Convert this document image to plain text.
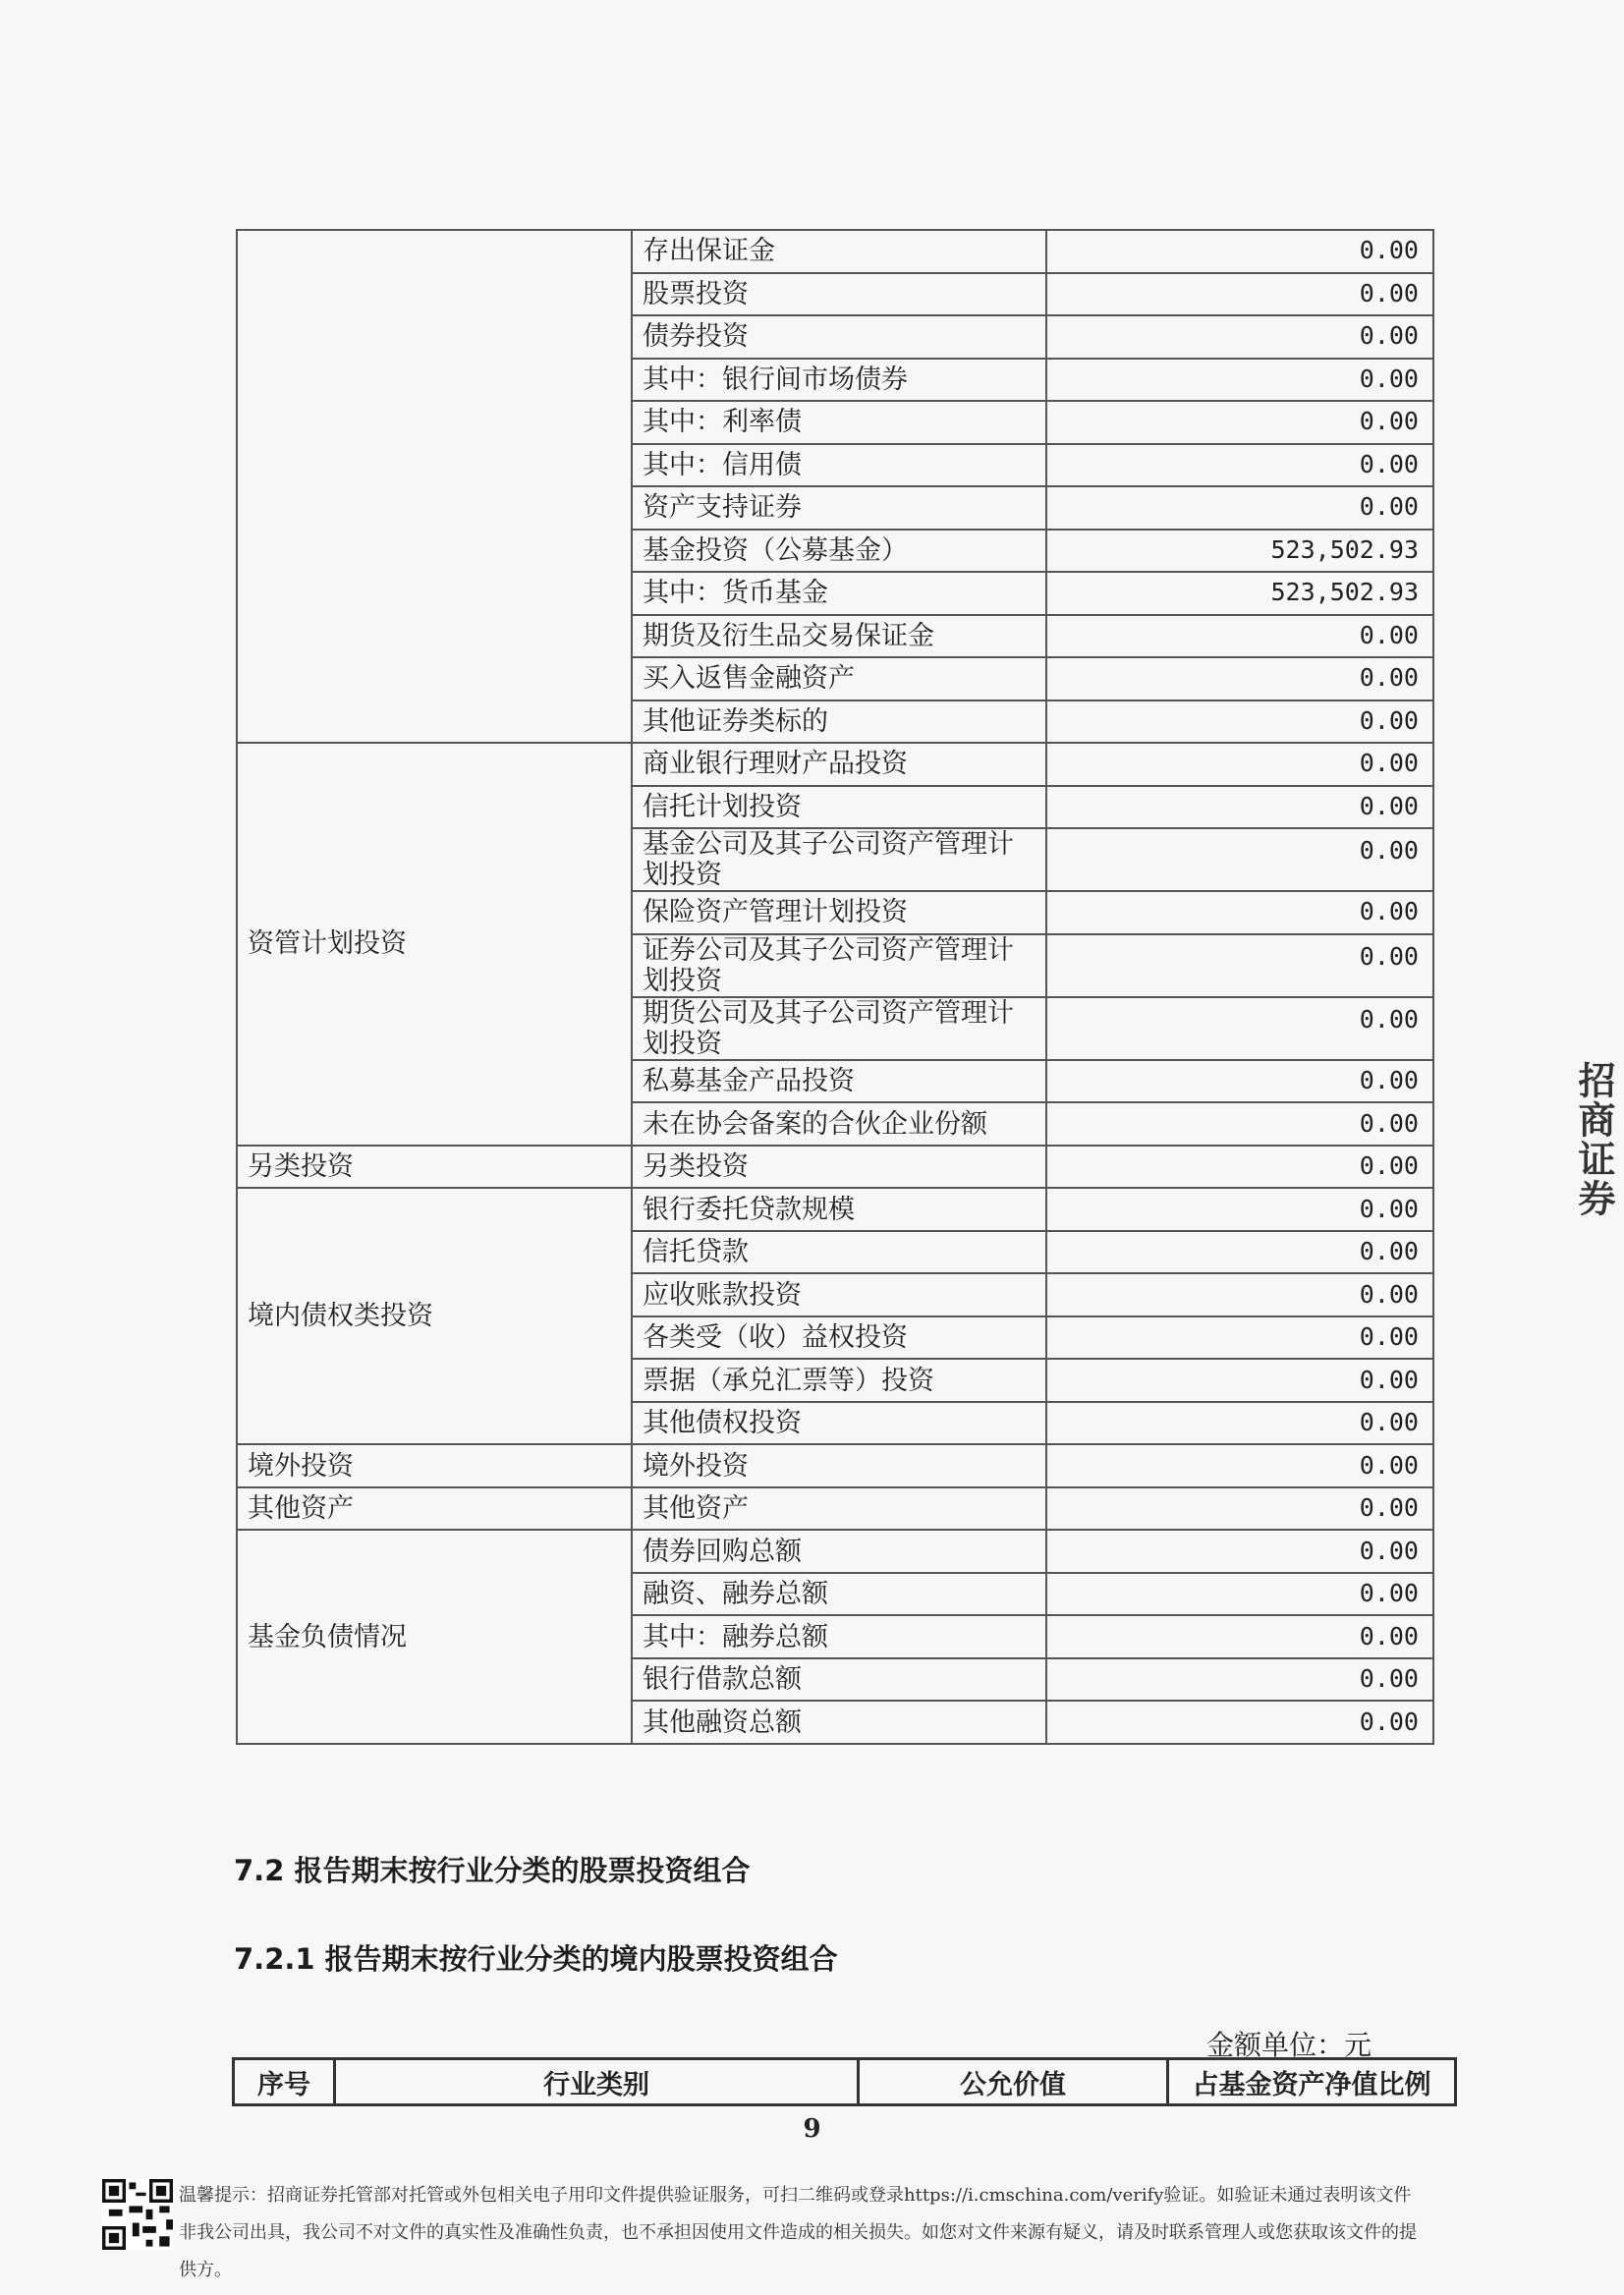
	存出保证金	0.00
	股票投资	0.00
	债券投资	0.00
	其中：银行间市场债券	0.00
	其中：利率债	0.00
	其中：信用债	0.00
	资产支持证券	0.00
	基金投资（公募基金）	523,502.93
	其中：货币基金	523,502.93
	期货及衍生品交易保证金	0.00
	买入返售金融资产	0.00
	其他证券类标的	0.00
资管计划投资	商业银行理财产品投资	0.00
	信托计划投资	0.00
	基金公司及其子公司资产管理计划投资	0.00
	保险资产管理计划投资	0.00
	证券公司及其子公司资产管理计划投资	0.00
	期货公司及其子公司资产管理计划投资	0.00
	私募基金产品投资	0.00
	未在协会备案的合伙企业份额	0.00
另类投资	另类投资	0.00
境内债权类投资	银行委托贷款规模	0.00
	信托贷款	0.00
	应收账款投资	0.00
	各类受（收）益权投资	0.00
	票据（承兑汇票等）投资	0.00
	其他债权投资	0.00
境外投资	境外投资	0.00
其他资产	其他资产	0.00
基金负债情况	债券回购总额	0.00
	融资、融券总额	0.00
	其中：融券总额	0.00
	银行借款总额	0.00
	其他融资总额	0.00
7.2 报告期末按行业分类的股票投资组合
7.2.1 报告期末按行业分类的境内股票投资组合
金额单位：元
序号	行业类别	公允价值	占基金资产净值比例
9
温馨提示：招商证券托管部对托管或外包相关电子用印文件提供验证服务，可扫二维码或登录https://i.cmschina.com/verify验证。如验证未通过表明该文件非我公司出具，我公司不对文件的真实性及准确性负责，也不承担因使用文件造成的相关损失。如您对文件来源有疑义，请及时联系管理人或您获取该文件的提供方。
招商证券
